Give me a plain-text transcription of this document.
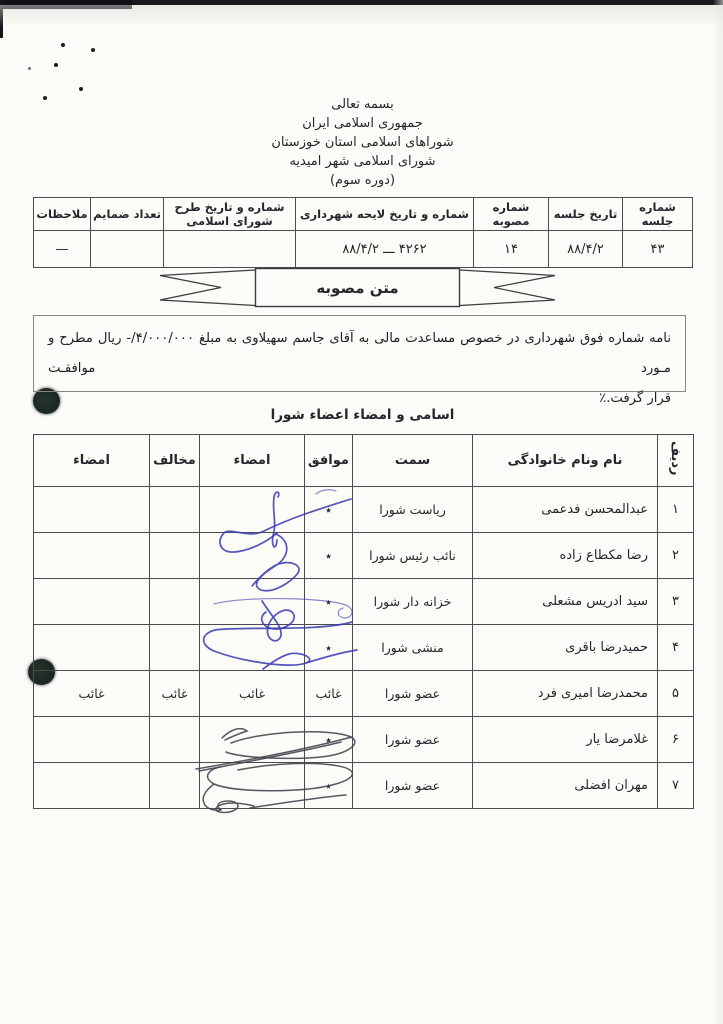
بسمه تعالی
جمهوری اسلامی ایران
شوراهای اسلامی استان خوزستان
شورای اسلامی شهر امیدیه
(دوره سوم)
شماره جلسه	تاریخ جلسه	شماره مصوبه	شماره و تاریخ لایحه شهرداری	شماره و تاریخ طرح شورای اسلامی	تعداد ضمایم	ملاحظات
۴۳	۸۸/۴/۲	۱۴	۴۲۶۲ ـــ ۸۸/۴/۲			—
متن مصوبه
نامه شماره فوق شهرداری در خصوص مساعدت مالی به آقای جاسم سهیلاوی به مبلغ ۴/۰۰۰/۰۰۰/- ریال مطرح و مـورد موافقـت
قرار گرفت.٪
اسامی و امضاء اعضاء شورا
ردیف	نام ونام خانوادگی	سمت	موافق	امضاء	مخالف	امضاء
۱	عبدالمحسن فدعمی	ریاست شورا	٭			
۲	رضا مکطاع زاده	نائب رئیس شورا	٭			
۳	سید ادریس مشعلی	خزانه دار شورا	٭			
۴	حمیدرضا باقری	منشی شورا	٭			
۵	محمدرضا امیری فرد	عضو شورا	غائب	غائب	غائب	غائب
۶	غلامرضا یار	عضو شورا	٭			
۷	مهران افضلی	عضو شورا	٭			
